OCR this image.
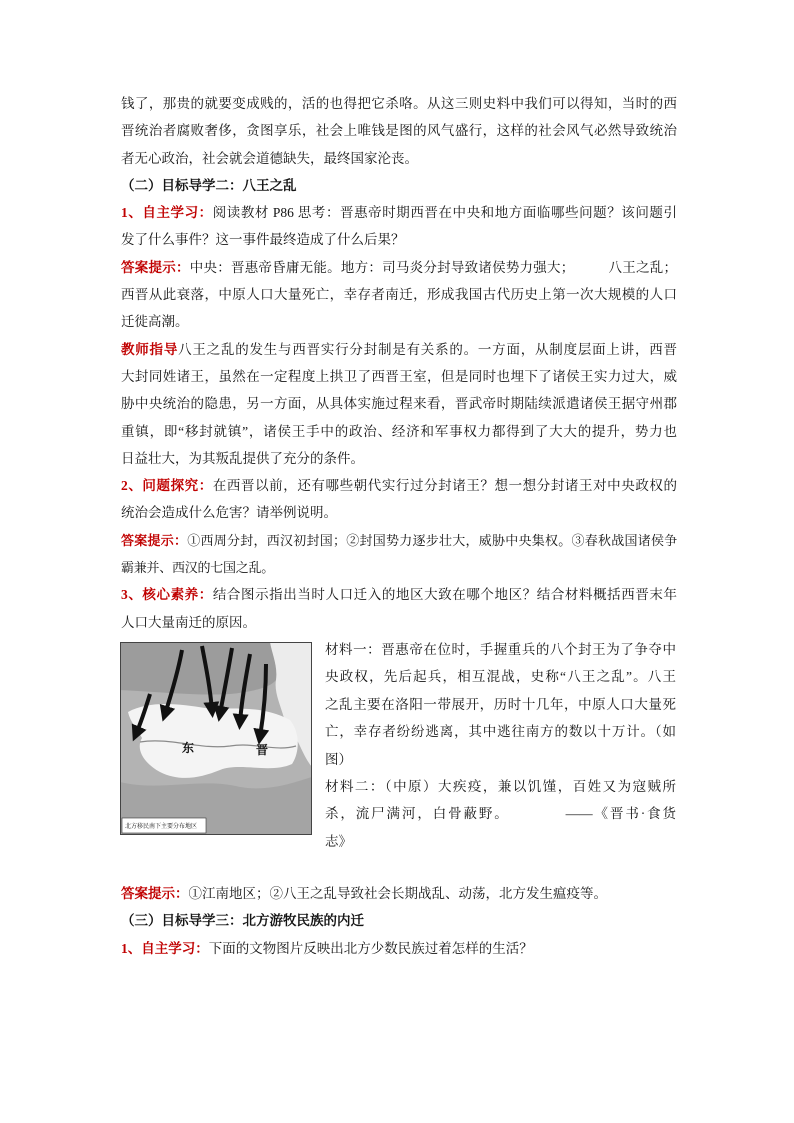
钱了，那贵的就要变成贱的，活的也得把它杀咯。从这三则史料中我们可以得知，当时的西
晋统治者腐败奢侈，贪图享乐，社会上唯钱是图的风气盛行，这样的社会风气必然导致统治
者无心政治，社会就会道德缺失，最终国家沦丧。
（二）目标导学二：八王之乱
1、自主学习：阅读教材 P86 思考：晋惠帝时期西晋在中央和地方面临哪些问题？该问题引
发了什么事件？这一事件最终造成了什么后果？
答案提示：中央：晋惠帝昏庸无能。地方：司马炎分封导致诸侯势力强大；	八王之乱；
西晋从此衰落，中原人口大量死亡，幸存者南迁，形成我国古代历史上第一次大规模的人口
迁徙高潮。
教师指导八王之乱的发生与西晋实行分封制是有关系的。一方面，从制度层面上讲，西晋
大封同姓诸王，虽然在一定程度上拱卫了西晋王室，但是同时也埋下了诸侯王实力过大，威
胁中央统治的隐患，另一方面，从具体实施过程来看，晋武帝时期陆续派遣诸侯王据守州郡
重镇，即“移封就镇”，诸侯王手中的政治、经济和军事权力都得到了大大的提升，势力也
日益壮大，为其叛乱提供了充分的条件。
2、问题探究：在西晋以前，还有哪些朝代实行过分封诸王？想一想分封诸王对中央政权的
统治会造成什么危害？请举例说明。
答案提示：①西周分封，西汉初封国；②封国势力逐步壮大，威胁中央集权。③春秋战国诸侯争
霸兼并、西汉的七国之乱。
3、核心素养：结合图示指出当时人口迁入的地区大致在哪个地区？结合材料概括西晋末年
人口大量南迁的原因。
东	晋
北方移民南下主要分布地区
材料一：晋惠帝在位时，手握重兵的八个封王为了争夺中
央政权，先后起兵，相互混战，史称“八王之乱”。八王
之乱主要在洛阳一带展开，历时十几年，中原人口大量死
亡，幸存者纷纷逃离，其中逃往南方的数以十万计。（如
图）
材料二：（中原）大疾疫，兼以饥馑，百姓又为寇贼所
杀，流尸满河，白骨蔽野。	——《晋书·食货
志》
答案提示：①江南地区；②八王之乱导致社会长期战乱、动荡，北方发生瘟疫等。
（三）目标导学三：北方游牧民族的内迁
1、自主学习：下面的文物图片反映出北方少数民族过着怎样的生活？
